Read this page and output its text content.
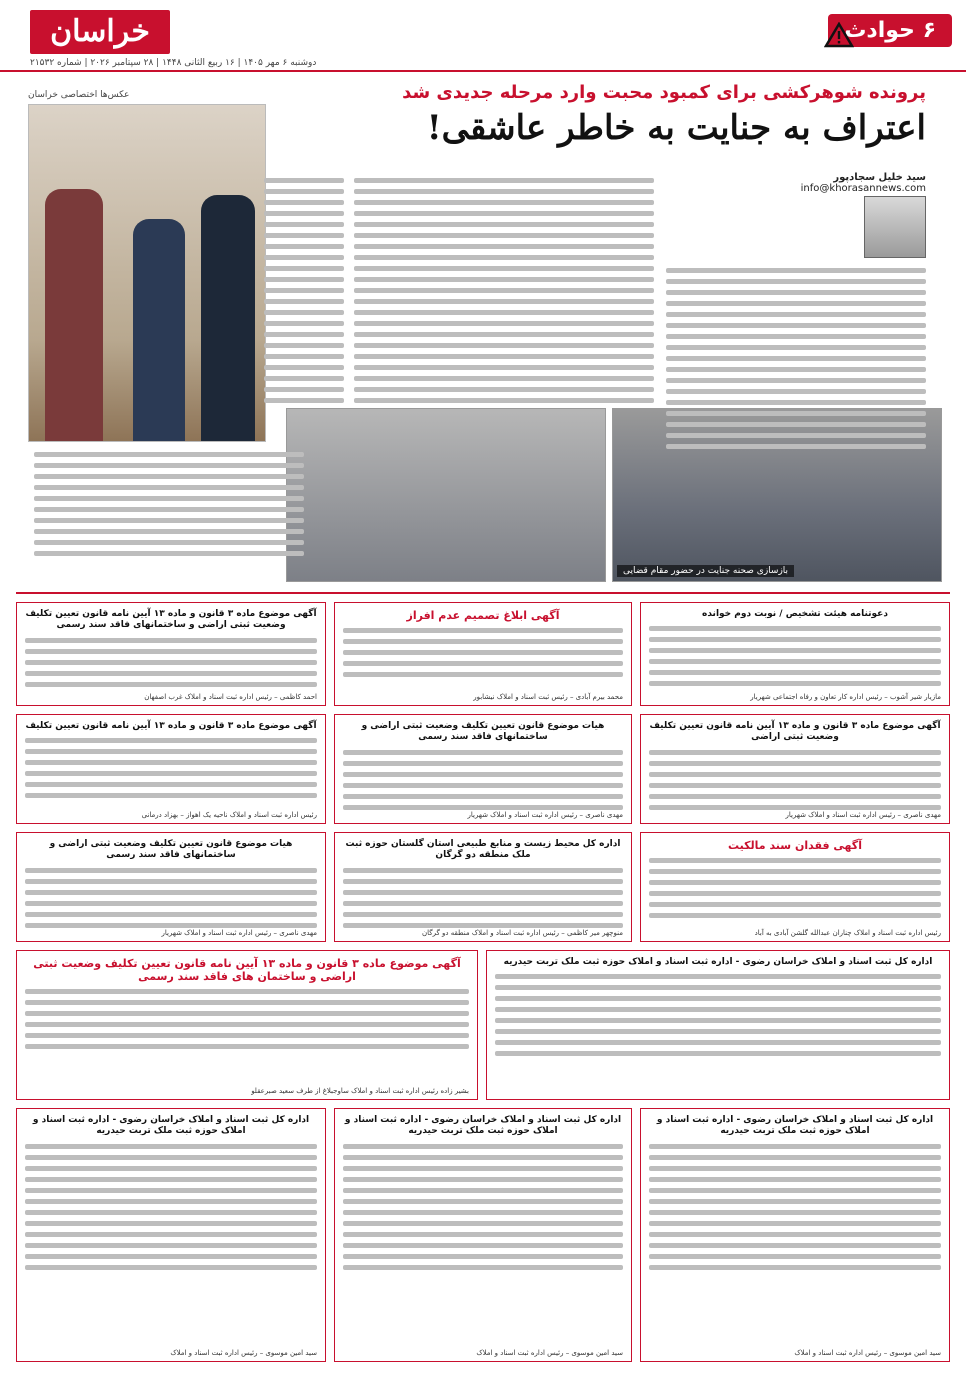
۶ حوادث
خراسان
دوشنبه ۶ مهر ۱۴۰۵ | ۱۶ ربیع الثانی ۱۴۴۸ | ۲۸ سپتامبر ۲۰۲۶ | شماره ۲۱۵۳۲
پرونده شوهرکشی برای کمبود محبت وارد مرحله جدیدی شد
اعتراف به جنایت به خاطر عاشقی!
سید خلیل سجادپور
info@khorasannews.com
عکس‌ها اختصاصی خراسان
بازسازی صحنه جنایت در حضور مقام قضایی
دعوتنامه هیئت تشخیص / نوبت دوم خوانده
مازیار شیر آشوب – رئیس اداره کار تعاون و رفاه اجتماعی شهریار
آگهی ابلاغ تصمیم عدم افراز
محمد بیرم آبادی – رئیس ثبت اسناد و املاک نیشابور
آگهی موضوع ماده ۳ قانون و ماده ۱۳ آیین نامه قانون تعیین تکلیف وضعیت ثبتی اراضی و ساختمانهای فاقد سند رسمی
احمد کاظمی – رئیس اداره ثبت اسناد و املاک غرب اصفهان
آگهی موضوع ماده ۳ قانون و ماده ۱۳ آیین نامه قانون تعیین تکلیف وضعیت ثبتی اراضی
مهدی ناصری – رئیس اداره ثبت اسناد و املاک شهریار
هیات موضوع قانون تعیین تکلیف وضعیت ثبتی اراضی و ساختمانهای فاقد سند رسمی
مهدی ناصری – رئیس اداره ثبت اسناد و املاک شهریار
آگهی موضوع ماده ۳ قانون و ماده ۱۳ آیین نامه قانون تعیین تکلیف
رئیس اداره ثبت اسناد و املاک ناحیه یک اهواز – بهزاد درمانی
آگهی فقدان سند مالکیت
رئیس اداره ثبت اسناد و املاک چناران عبدالله گلشن آبادی به آباد
اداره کل محیط زیست و منابع طبیعی استان گلستان حوزه ثبت ملک منطقه دو گرگان
منوچهر میر کاظمی – رئیس اداره ثبت اسناد و املاک منطقه دو گرگان
هیات موضوع قانون تعیین تکلیف وضعیت ثبتی اراضی و ساختمانهای فاقد سند رسمی
مهدی ناصری – رئیس اداره ثبت اسناد و املاک شهریار
اداره کل ثبت اسناد و املاک خراسان رضوی - اداره ثبت اسناد و املاک حوزه ثبت ملک تربت حیدریه
آگهی موضوع ماده ۳ قانون و ماده ۱۳ آیین نامه قانون تعیین تکلیف وضعیت ثبتی اراضی و ساختمان های فاقد سند رسمی
بشیر زاده رئیس اداره ثبت اسناد و املاک ساوجبلاغ از طرف سعید صبرعقلو
اداره کل ثبت اسناد و املاک خراسان رضوی - اداره ثبت اسناد و املاک حوزه ثبت ملک تربت حیدریه
سید امین موسوی – رئیس اداره ثبت اسناد و املاک
اداره کل ثبت اسناد و املاک خراسان رضوی - اداره ثبت اسناد و املاک حوزه ثبت ملک تربت حیدریه
سید امین موسوی – رئیس اداره ثبت اسناد و املاک
اداره کل ثبت اسناد و املاک خراسان رضوی - اداره ثبت اسناد و املاک حوزه ثبت ملک تربت حیدریه
سید امین موسوی – رئیس اداره ثبت اسناد و املاک
